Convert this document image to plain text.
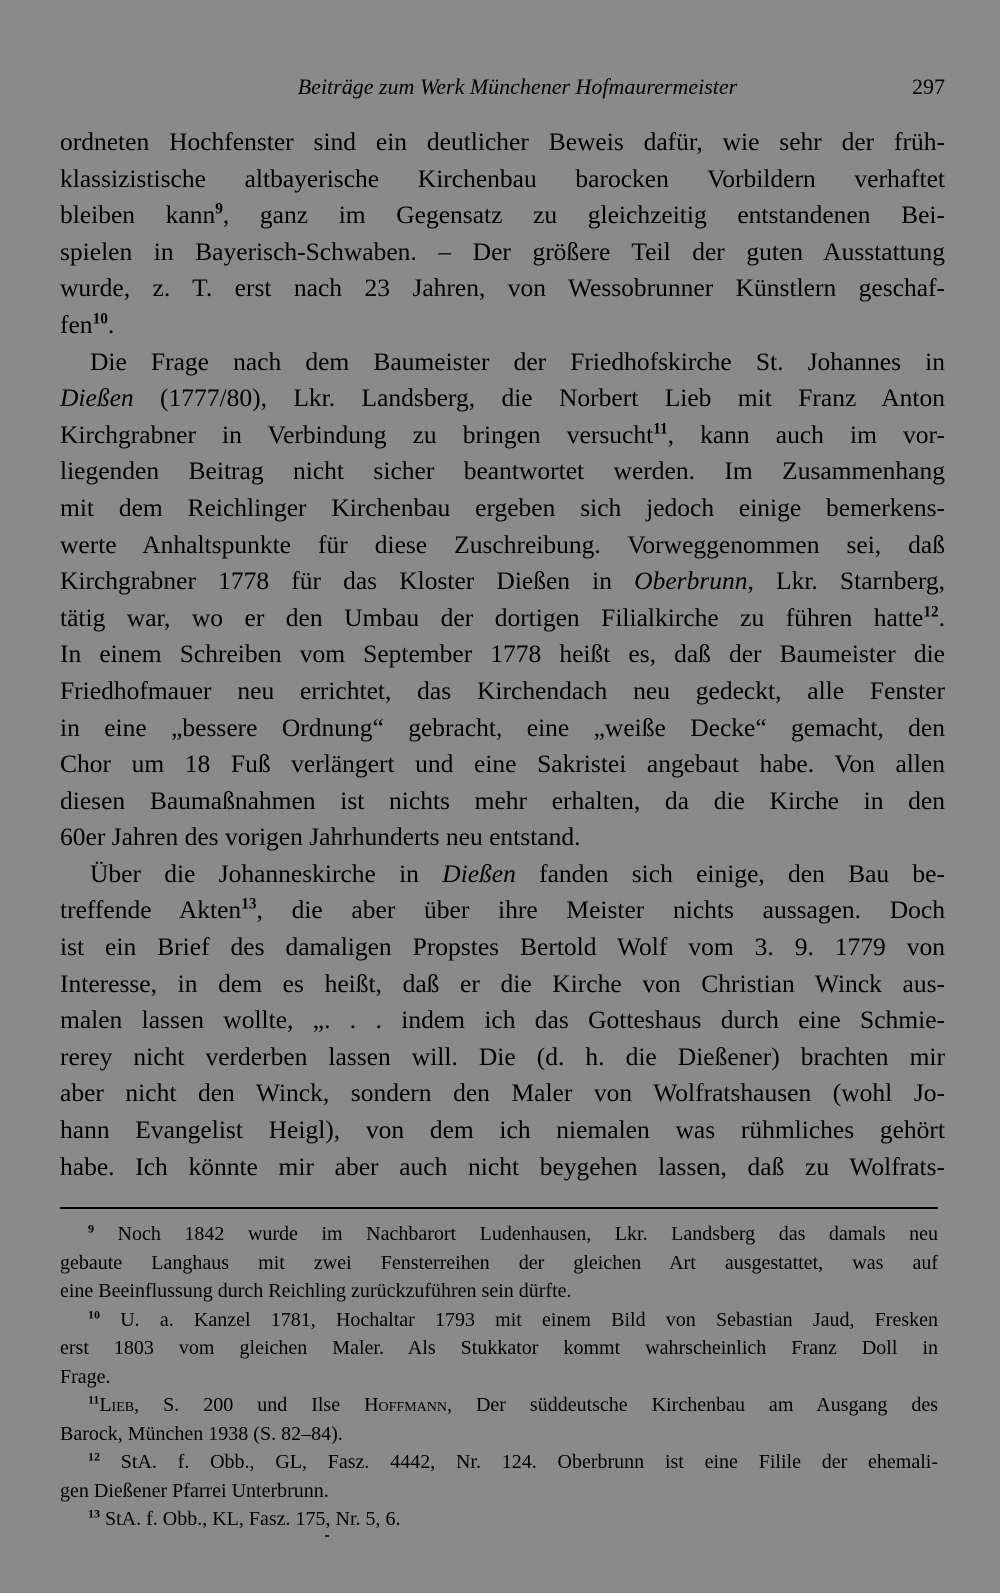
Beiträge zum Werk Münchener Hofmaurermeister	297
ordneten Hochfenster sind ein deutlicher Beweis dafür, wie sehr der früh-
klassizistische altbayerische Kirchenbau barocken Vorbildern verhaftet
bleiben kann$^9$, ganz im Gegensatz zu gleichzeitig entstandenen Bei-
spielen in Bayerisch-Schwaben. – Der größere Teil der guten Ausstattung
wurde, z. T. erst nach 23 Jahren, von Wessobrunner Künstlern geschaf-
fen$^{10}$.
Die Frage nach dem Baumeister der Friedhofskirche St. Johannes in
Dießen (1777/80), Lkr. Landsberg, die Norbert Lieb mit Franz Anton
Kirchgrabner in Verbindung zu bringen versucht$^{11}$, kann auch im vor-
liegenden Beitrag nicht sicher beantwortet werden. Im Zusammenhang
mit dem Reichlinger Kirchenbau ergeben sich jedoch einige bemerkens-
werte Anhaltspunkte für diese Zuschreibung. Vorweggenommen sei, daß
Kirchgrabner 1778 für das Kloster Dießen in Oberbrunn, Lkr. Starnberg,
tätig war, wo er den Umbau der dortigen Filialkirche zu führen hatte$^{12}$.
In einem Schreiben vom September 1778 heißt es, daß der Baumeister die
Friedhofmauer neu errichtet, das Kirchendach neu gedeckt, alle Fenster
in eine „bessere Ordnung“ gebracht, eine „weiße Decke“ gemacht, den
Chor um 18 Fuß verlängert und eine Sakristei angebaut habe. Von allen
diesen Baumaßnahmen ist nichts mehr erhalten, da die Kirche in den
60er Jahren des vorigen Jahrhunderts neu entstand.
Über die Johanneskirche in Dießen fanden sich einige, den Bau be-
treffende Akten$^{13}$, die aber über ihre Meister nichts aussagen. Doch
ist ein Brief des damaligen Propstes Bertold Wolf vom 3. 9. 1779 von
Interesse, in dem es heißt, daß er die Kirche von Christian Winck aus-
malen lassen wollte, „. . . indem ich das Gotteshaus durch eine Schmie-
rerey nicht verderben lassen will. Die (d. h. die Dießener) brachten mir
aber nicht den Winck, sondern den Maler von Wolfratshausen (wohl Jo-
hann Evangelist Heigl), von dem ich niemalen was rühmliches gehört
habe. Ich könnte mir aber auch nicht beygehen lassen, daß zu Wolfrats-
$^9$ Noch 1842 wurde im Nachbarort Ludenhausen, Lkr. Landsberg das damals neu
gebaute Langhaus mit zwei Fensterreihen der gleichen Art ausgestattet, was auf
eine Beeinflussung durch Reichling zurückzuführen sein dürfte.
$^{10}$ U. a. Kanzel 1781, Hochaltar 1793 mit einem Bild von Sebastian Jaud, Fresken
erst 1803 vom gleichen Maler. Als Stukkator kommt wahrscheinlich Franz Doll in
Frage.
$^{11}$Lieb, S. 200 und Ilse Hoffmann, Der süddeutsche Kirchenbau am Ausgang des
Barock, München 1938 (S. 82–84).
$^{12}$ StA. f. Obb., GL, Fasz. 4442, Nr. 124. Oberbrunn ist eine Filile der ehemali-
gen Dießener Pfarrei Unterbrunn.
$^{13}$ StA. f. Obb., KL, Fasz. 175, Nr. 5, 6.
